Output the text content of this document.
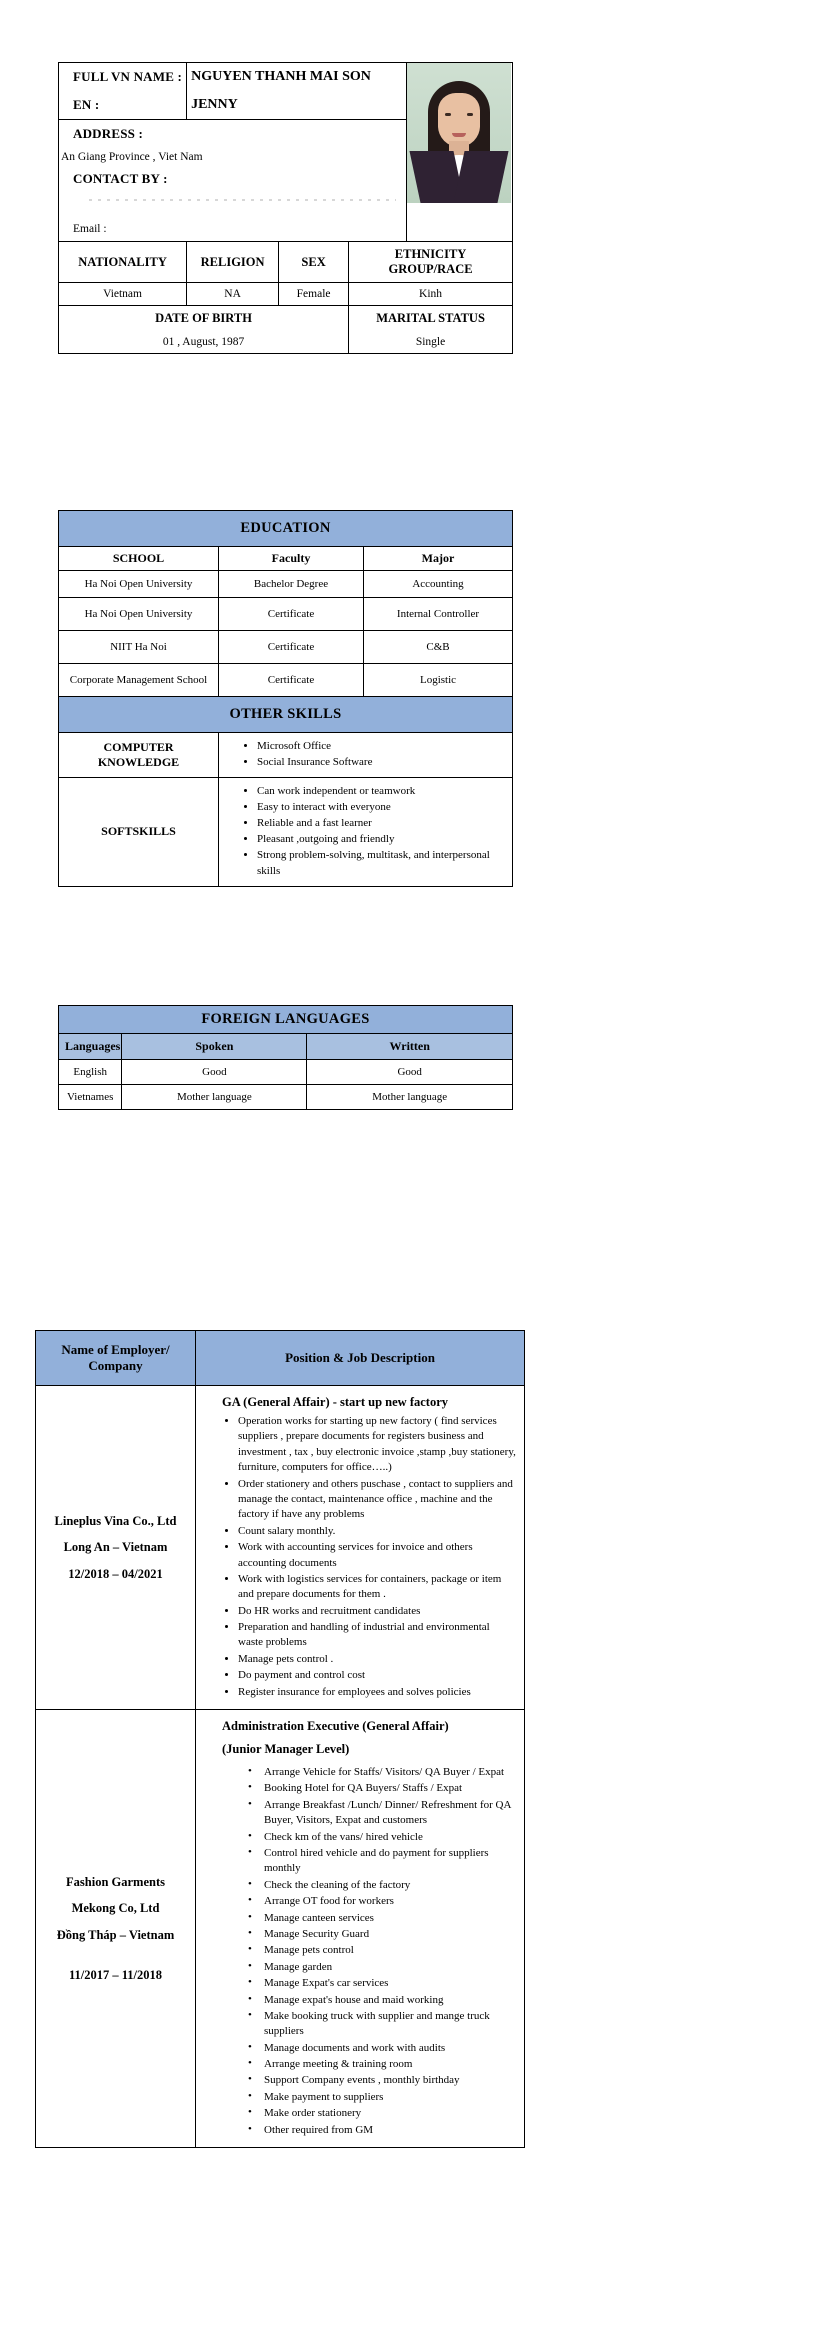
FULL VN NAME :	NGUYEN THANH MAI SON			

EN :	JENNY			
ADDRESS :				

An Giang Province , Viet Nam
CONTACT BY :
Email :				

NATIONALITY	RELIGION	SEX	ETHNICITY GROUP/RACE	
Vietnam	NA	Female	Kinh	
DATE OF BIRTH			MARITAL STATUS	
01 , August, 1987			Single	
EDUCATION		
SCHOOL	Faculty	Major
Ha Noi Open University	Bachelor Degree	Accounting
Ha Noi Open University	Certificate	Internal Controller
NIIT Ha Noi	Certificate	C&B
Corporate Management School	Certificate	Logistic
OTHER SKILLS		
COMPUTER KNOWLEDGE	
• Microsoft Office
• Social Insurance Software

SOFTSKILLS	
• Can work independent or teamwork
• Easy to interact with everyone
• Reliable and a fast learner
• Pleasant ,outgoing and friendly
• Strong problem-solving, multitask, and interpersonal skills
FOREIGN LANGUAGES		
Languages	Spoken	Written
English	Good	Good
Vietnames	Mother language	Mother language
Name of Employer/ Company	Position & Job Description

Lineplus Vina Co., Ltd
Long An – Vietnam
12/2018 – 04/2021

GA (General Affair) - start up new factory
• Operation works for starting up new factory ( find services suppliers , prepare documents for registers business and investment , tax , buy electronic invoice ,stamp ,buy stationery, furniture, computers for office…..)
• Order stationery and others puschase , contact to suppliers and manage the contact, maintenance office , machine and the factory if have any problems
• Count salary monthly.
• Work with accounting services for invoice and others accounting documents
• Work with logistics services for containers, package or item and prepare documents for them .
• Do HR works and recruitment candidates
• Preparation and handling of industrial and environmental waste problems
• Manage pets control .
• Do payment and control cost
• Register insurance for employees and solves policies

Fashion Garments
Mekong Co, Ltd
Đồng Tháp – Vietnam
11/2017 – 11/2018

Administration Executive (General Affair)
(Junior Manager Level)
• Arrange Vehicle for Staffs/ Visitors/ QA Buyer / Expat
• Booking Hotel for QA Buyers/ Staffs / Expat
• Arrange Breakfast /Lunch/ Dinner/ Refreshment for QA Buyer, Visitors, Expat and customers
• Check km of the vans/ hired vehicle
• Control hired vehicle and do payment for suppliers monthly
• Check the cleaning of the factory
• Arrange OT food for workers
• Manage canteen services
• Manage Security Guard
• Manage pets control
• Manage garden
• Manage Expat's car services
• Manage expat's house and maid working
• Make booking truck with supplier and mange truck suppliers
• Manage documents and work with audits
• Arrange meeting & training room
• Support Company events , monthly birthday
• Make payment to suppliers
• Make order stationery
• Other required from GM
